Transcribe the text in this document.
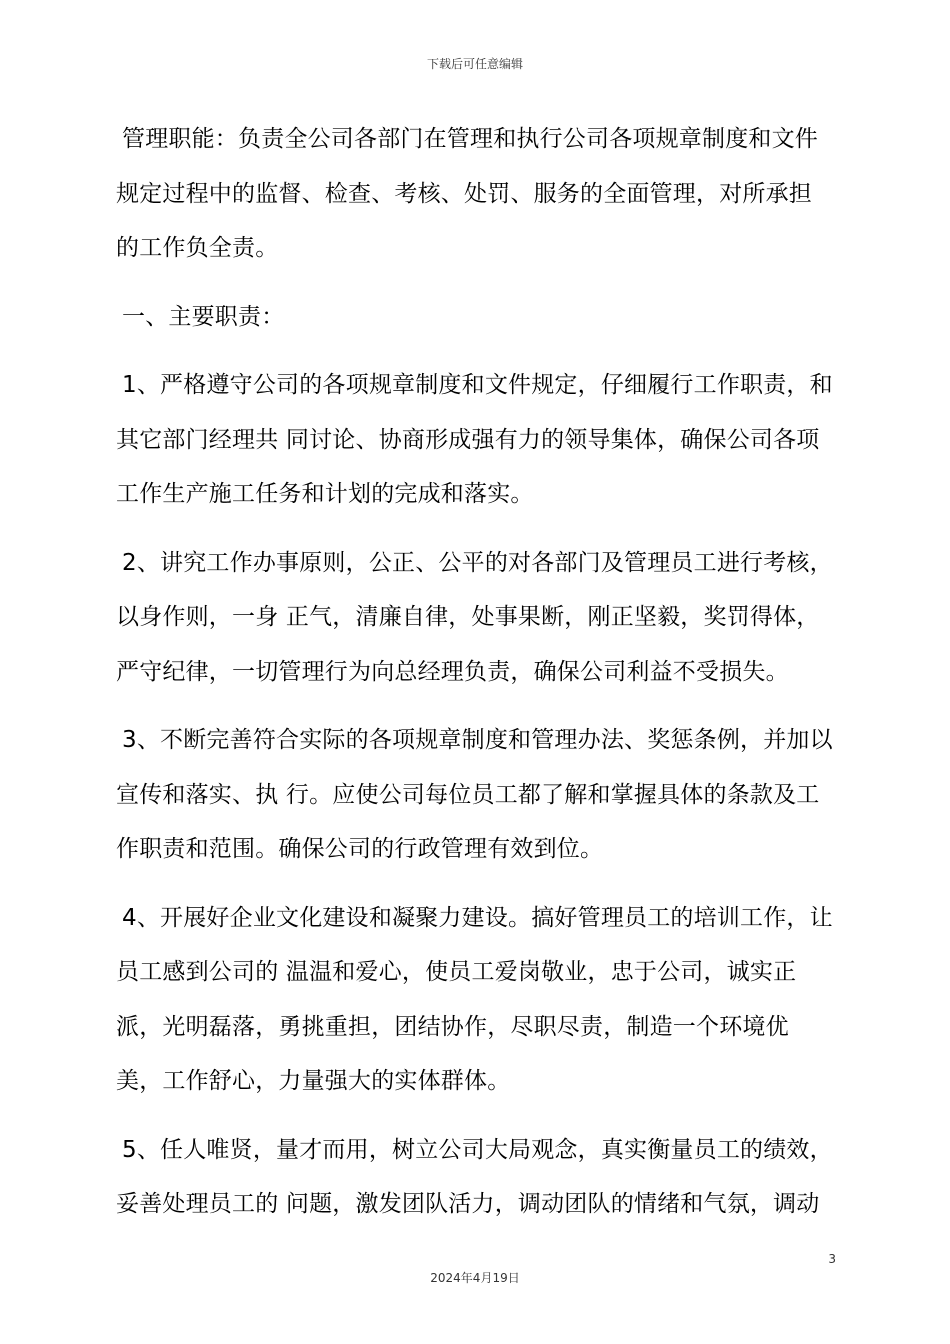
下载后可任意编辑

管理职能：负责全公司各部门在管理和执行公司各项规章制度和文件规定过程中的监督、检查、考核、处罚、服务的全面管理，对所承担的工作负全责。

一、主要职责：

1、严格遵守公司的各项规章制度和文件规定，仔细履行工作职责，和其它部门经理共 同讨论、协商形成强有力的领导集体，确保公司各项工作生产施工任务和计划的完成和落实。

2、讲究工作办事原则，公正、公平的对各部门及管理员工进行考核，以身作则，一身 正气，清廉自律，处事果断，刚正坚毅，奖罚得体，严守纪律，一切管理行为向总经理负责，确保公司利益不受损失。

3、不断完善符合实际的各项规章制度和管理办法、奖惩条例，并加以宣传和落实、执 行。应使公司每位员工都了解和掌握具体的条款及工作职责和范围。确保公司的行政管理有效到位。

4、开展好企业文化建设和凝聚力建设。搞好管理员工的培训工作，让员工感到公司的 温温和爱心，使员工爱岗敬业，忠于公司，诚实正派，光明磊落，勇挑重担，团结协作，尽职尽责，制造一个环境优美，工作舒心，力量强大的实体群体。

5、任人唯贤，量才而用，树立公司大局观念，真实衡量员工的绩效，妥善处理员工的 问题，激发团队活力，调动团队的情绪和气氛，调动

3
2024年4月19日
